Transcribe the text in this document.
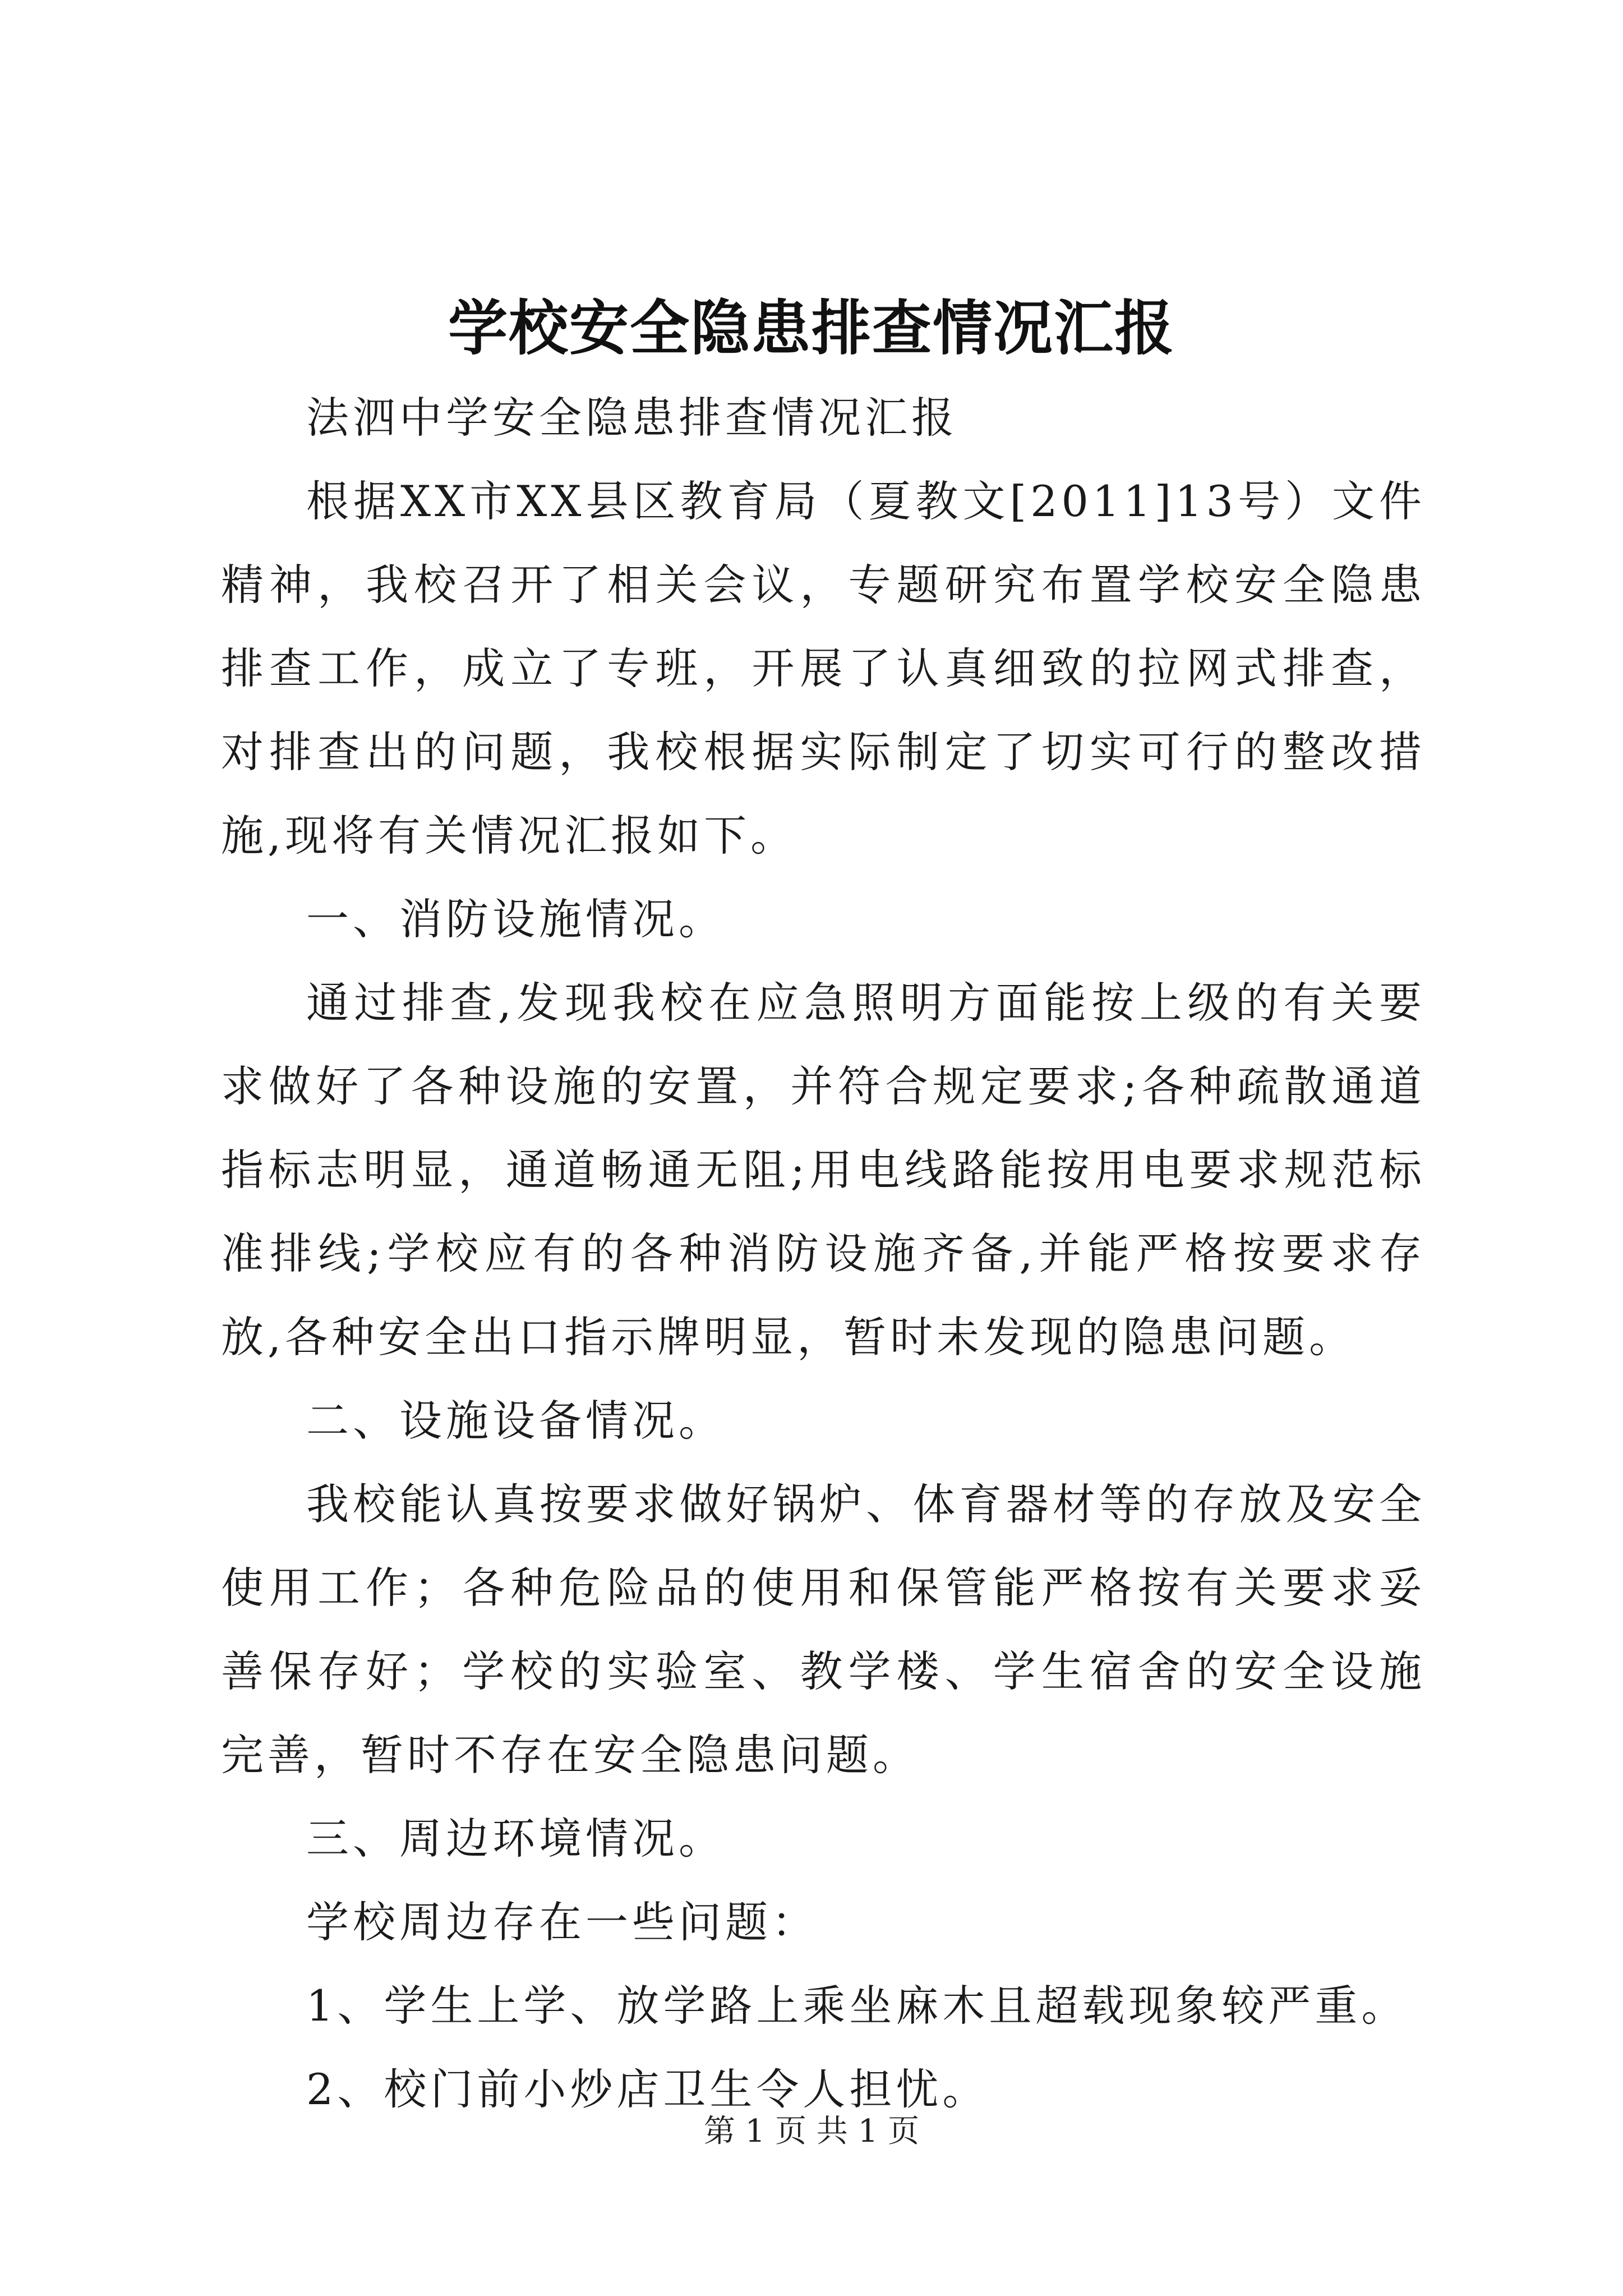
学校安全隐患排查情况汇报

法泗中学安全隐患排查情况汇报

根据XX市XX县区教育局（夏教文[2011]13号）文件精神，我校召开了相关会议，专题研究布置学校安全隐患排查工作，成立了专班，开展了认真细致的拉网式排查，对排查出的问题，我校根据实际制定了切实可行的整改措施,现将有关情况汇报如下。

一、消防设施情况。

通过排查,发现我校在应急照明方面能按上级的有关要求做好了各种设施的安置，并符合规定要求;各种疏散通道指标志明显，通道畅通无阻;用电线路能按用电要求规范标准排线;学校应有的各种消防设施齐备,并能严格按要求存放,各种安全出口指示牌明显，暂时未发现的隐患问题。

二、设施设备情况。

我校能认真按要求做好锅炉、体育器材等的存放及安全使用工作；各种危险品的使用和保管能严格按有关要求妥善保存好；学校的实验室、教学楼、学生宿舍的安全设施完善，暂时不存在安全隐患问题。

三、周边环境情况。

学校周边存在一些问题：

1、学生上学、放学路上乘坐麻木且超载现象较严重。

2、校门前小炒店卫生令人担忧。

第 1 页 共 1 页
